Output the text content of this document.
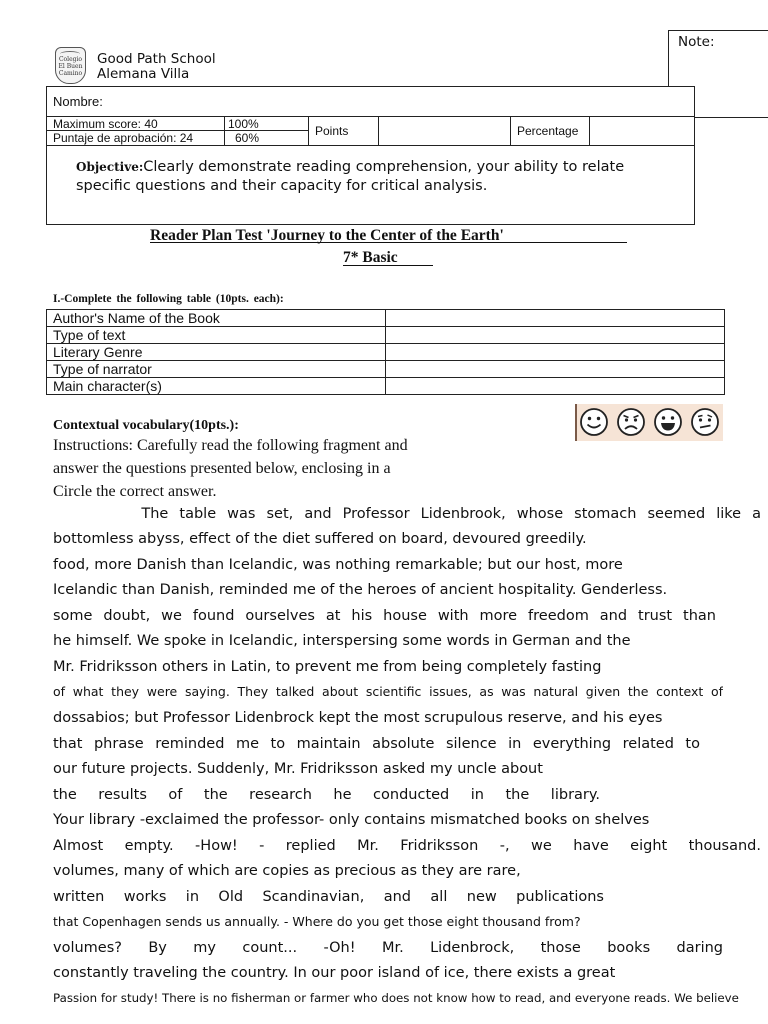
Colegio
El Buen
Camino
Good Path School
Alemana Villa
Note:
Nombre:
Maximum score: 40	100%
Puntaje de aprobación: 24	60%	Points	Percentage
Objective:Clearly demonstrate reading comprehension, your ability to relate specific questions and their capacity for critical analysis.
Reader Plan Test 'Journey to the Center of the Earth'
7* Basic
I.-Complete the following table (10pts. each):
Author's Name of the Book	
Type of text	
Literary Genre	
Type of narrator	
Main character(s)	
Contextual vocabulary(10pts.):
Instructions: Carefully read the following fragment and
answer the questions presented below, enclosing in a
Circle the correct answer.
The table was set, and Professor Lidenbrook, whose stomach seemed like a
bottomless abyss, effect of the diet suffered on board, devoured greedily.
food, more Danish than Icelandic, was nothing remarkable; but our host, more
Icelandic than Danish, reminded me of the heroes of ancient hospitality. Genderless.
some doubt, we found ourselves at his house with more freedom and trust than
he himself. We spoke in Icelandic, interspersing some words in German and the
Mr. Fridriksson others in Latin, to prevent me from being completely fasting
of what they were saying. They talked about scientific issues, as was natural given the context of
dossabios; but Professor Lidenbrock kept the most scrupulous reserve, and his eyes
that phrase reminded me to maintain absolute silence in everything related to
our future projects. Suddenly, Mr. Fridriksson asked my uncle about
the results of the research he conducted in the library.
Your library -exclaimed the professor- only contains mismatched books on shelves
Almost empty. -How! - replied Mr. Fridriksson -, we have eight thousand.
volumes, many of which are copies as precious as they are rare,
written works in Old Scandinavian, and all new publications
that Copenhagen sends us annually. - Where do you get those eight thousand from?
volumes? By my count... -Oh! Mr. Lidenbrock, those books daring
constantly traveling the country. In our poor island of ice, there exists a great
Passion for study! There is no fisherman or farmer who does not know how to read, and everyone reads. We believe
